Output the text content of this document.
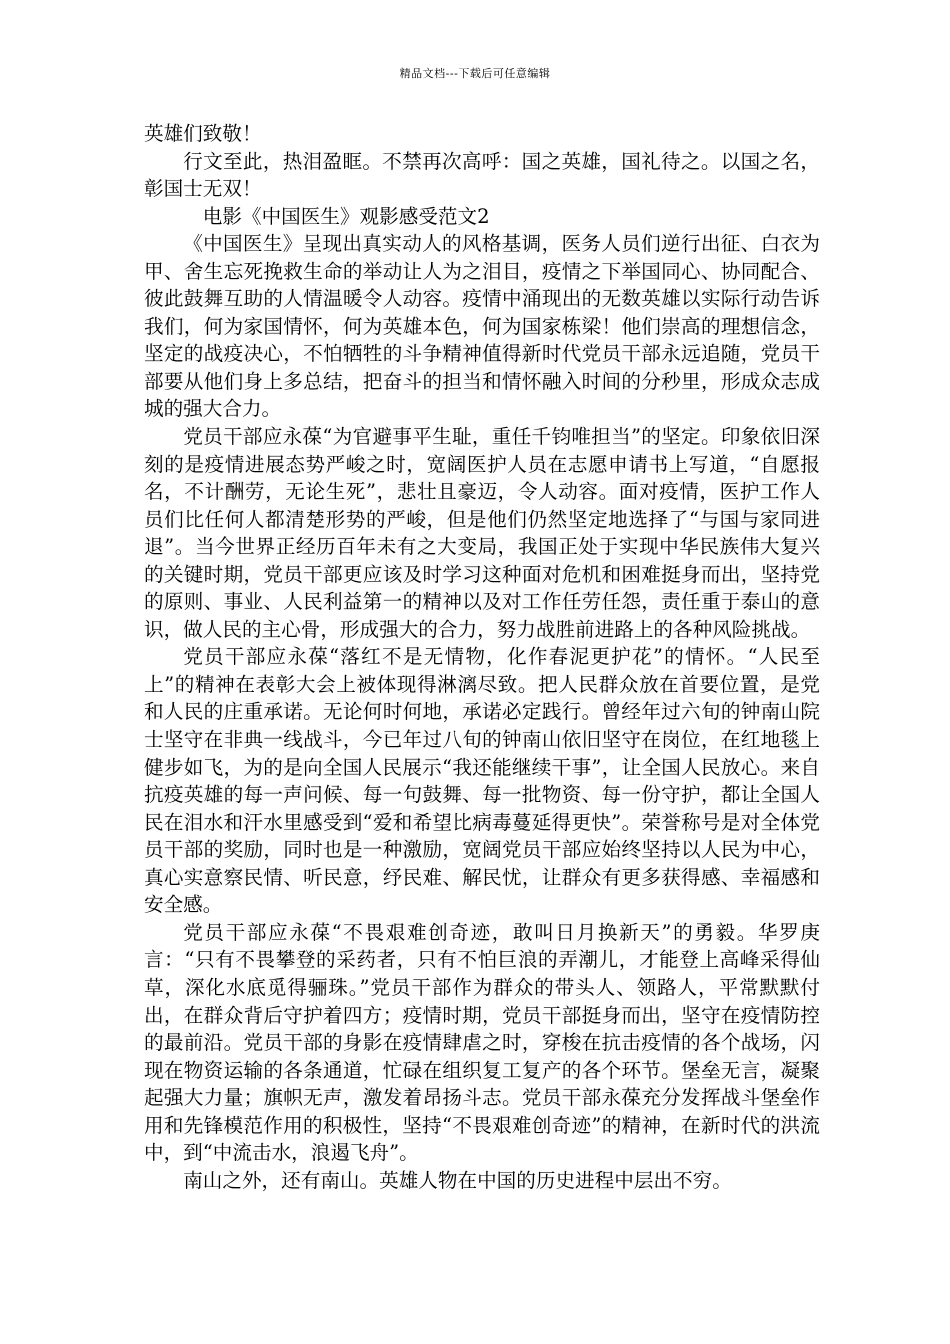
精品文档---下载后可任意编辑

英雄们致敬！

行文至此，热泪盈眶。不禁再次高呼：国之英雄，国礼待之。以国之名，彰国士无双！

电影《中国医生》观影感受范文2

《中国医生》呈现出真实动人的风格基调，医务人员们逆行出征、白衣为甲、舍生忘死挽救生命的举动让人为之泪目，疫情之下举国同心、协同配合、彼此鼓舞互助的人情温暖令人动容。疫情中涌现出的无数英雄以实际行动告诉我们，何为家国情怀，何为英雄本色，何为国家栋梁！他们崇高的理想信念，坚定的战疫决心，不怕牺牲的斗争精神值得新时代党员干部永远追随，党员干部要从他们身上多总结，把奋斗的担当和情怀融入时间的分秒里，形成众志成城的强大合力。

党员干部应永葆“为官避事平生耻，重任千钧唯担当”的坚定。印象依旧深刻的是疫情进展态势严峻之时，宽阔医护人员在志愿申请书上写道，“自愿报名，不计酬劳，无论生死”，悲壮且豪迈，令人动容。面对疫情，医护工作人员们比任何人都清楚形势的严峻，但是他们仍然坚定地选择了“与国与家同进退”。当今世界正经历百年未有之大变局，我国正处于实现中华民族伟大复兴的关键时期，党员干部更应该及时学习这种面对危机和困难挺身而出，坚持党的原则、事业、人民利益第一的精神以及对工作任劳任怨，责任重于泰山的意识，做人民的主心骨，形成强大的合力，努力战胜前进路上的各种风险挑战。

党员干部应永葆“落红不是无情物，化作春泥更护花”的情怀。“人民至上”的精神在表彰大会上被体现得淋漓尽致。把人民群众放在首要位置，是党和人民的庄重承诺。无论何时何地，承诺必定践行。曾经年过六旬的钟南山院士坚守在非典一线战斗，今已年过八旬的钟南山依旧坚守在岗位，在红地毯上健步如飞，为的是向全国人民展示“我还能继续干事”，让全国人民放心。来自抗疫英雄的每一声问候、每一句鼓舞、每一批物资、每一份守护，都让全国人民在泪水和汗水里感受到“爱和希望比病毒蔓延得更快”。荣誉称号是对全体党员干部的奖励，同时也是一种激励，宽阔党员干部应始终坚持以人民为中心，真心实意察民情、听民意，纾民难、解民忧，让群众有更多获得感、幸福感和安全感。

党员干部应永葆“不畏艰难创奇迹，敢叫日月换新天”的勇毅。华罗庚言：“只有不畏攀登的采药者，只有不怕巨浪的弄潮儿，才能登上高峰采得仙草，深化水底觅得骊珠。”党员干部作为群众的带头人、领路人，平常默默付出，在群众背后守护着四方；疫情时期，党员干部挺身而出，坚守在疫情防控的最前沿。党员干部的身影在疫情肆虐之时，穿梭在抗击疫情的各个战场，闪现在物资运输的各条通道，忙碌在组织复工复产的各个环节。堡垒无言，凝聚起强大力量；旗帜无声，激发着昂扬斗志。党员干部永葆充分发挥战斗堡垒作用和先锋模范作用的积极性，坚持“不畏艰难创奇迹”的精神，在新时代的洪流中，到“中流击水，浪遏飞舟”。

南山之外，还有南山。英雄人物在中国的历史进程中层出不穷。
